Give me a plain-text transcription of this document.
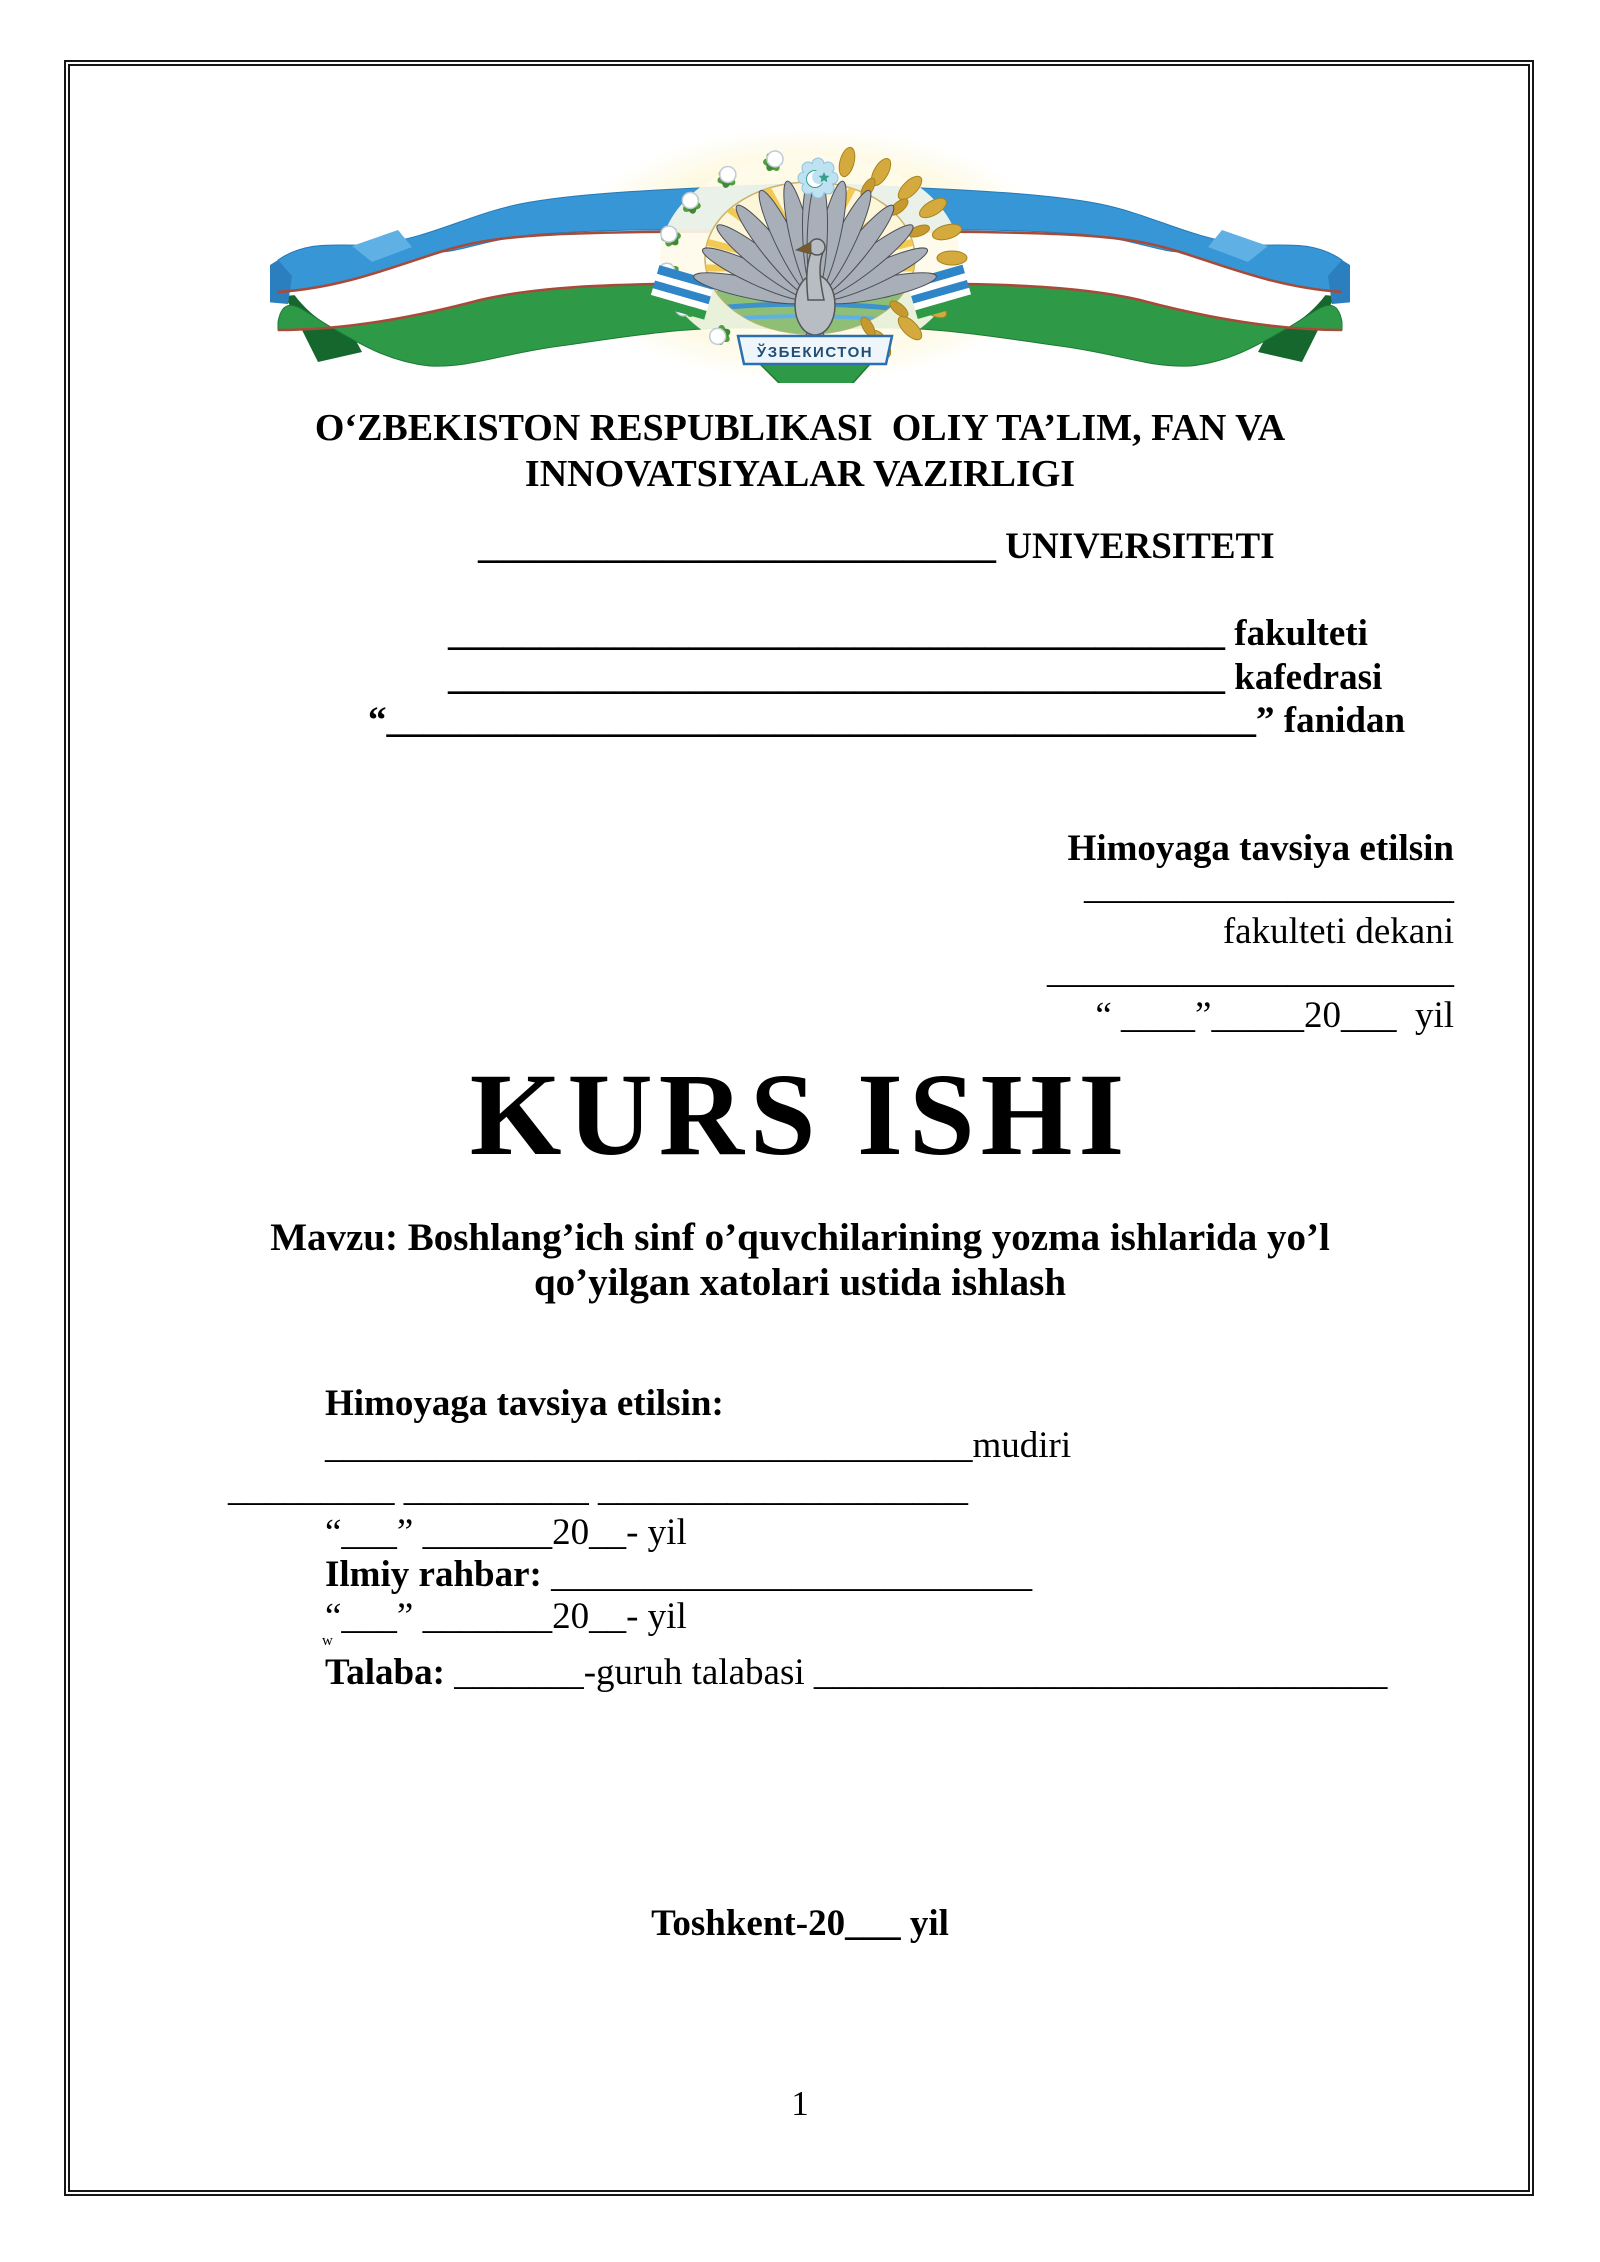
ЎЗБЕКИСТОН
O‘ZBEKISTON RESPUBLIKASI  OLIY TA’LIM, FAN VA
INNOVATSIYALAR VAZIRLIGI
____________________________ UNIVERSITETI
__________________________________________ fakulteti
__________________________________________ kafedrasi
“_______________________________________________” fanidan
Himoyaga tavsiya etilsin
____________________
fakulteti dekani
______________________
“ ____”_____20___  yil
KURS ISHI
Mavzu: Boshlang’ich sinf o’quvchilarining yozma ishlarida yo’l
qo’yilgan xatolari ustida ishlash
Himoyaga tavsiya etilsin:
___________________________________mudiri
_________ __________ ____________________
“___” _______20__- yil
Ilmiy rahbar: __________________________
“___” _______20__- yil
w
Talaba: _______-guruh talabasi _______________________________
Toshkent-20___ yil
1
